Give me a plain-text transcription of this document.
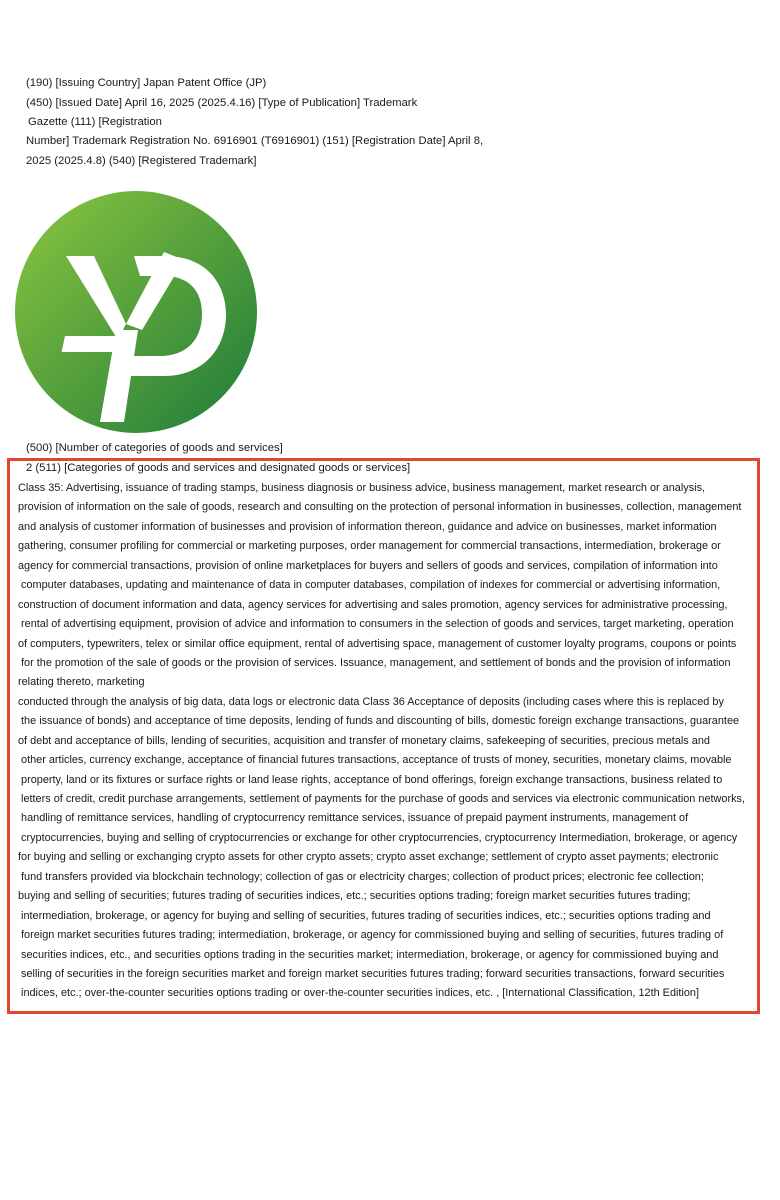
(190) [Issuing Country] Japan Patent Office (JP)
(450) [Issued Date] April 16, 2025 (2025.4.16) [Type of Publication] Trademark
Gazette (111) [Registration
Number] Trademark Registration No. 6916901 (T6916901) (151) [Registration Date] April 8,
2025 (2025.4.8) (540) [Registered Trademark]
(500) [Number of categories of goods and services]
2 (511) [Categories of goods and services and designated goods or services]
Class 35: Advertising, issuance of trading stamps, business diagnosis or business advice, business management, market research or analysis,
provision of information on the sale of goods, research and consulting on the protection of personal information in businesses, collection, management
and analysis of customer information of businesses and provision of information thereon, guidance and advice on businesses, market information
gathering, consumer profiling for commercial or marketing purposes, order management for commercial transactions, intermediation, brokerage or
agency for commercial transactions, provision of online marketplaces for buyers and sellers of goods and services, compilation of information into
computer databases, updating and maintenance of data in computer databases, compilation of indexes for commercial or advertising information,
construction of document information and data, agency services for advertising and sales promotion, agency services for administrative processing,
rental of advertising equipment, provision of advice and information to consumers in the selection of goods and services, target marketing, operation
of computers, typewriters, telex or similar office equipment, rental of advertising space, management of customer loyalty programs, coupons or points
for the promotion of the sale of goods or the provision of services. Issuance, management, and settlement of bonds and the provision of information
relating thereto, marketing
conducted through the analysis of big data, data logs or electronic data Class 36 Acceptance of deposits (including cases where this is replaced by
the issuance of bonds) and acceptance of time deposits, lending of funds and discounting of bills, domestic foreign exchange transactions, guarantee
of debt and acceptance of bills, lending of securities, acquisition and transfer of monetary claims, safekeeping of securities, precious metals and
other articles, currency exchange, acceptance of financial futures transactions, acceptance of trusts of money, securities, monetary claims, movable
property, land or its fixtures or surface rights or land lease rights, acceptance of bond offerings, foreign exchange transactions, business related to
letters of credit, credit purchase arrangements, settlement of payments for the purchase of goods and services via electronic communication networks,
handling of remittance services, handling of cryptocurrency remittance services, issuance of prepaid payment instruments, management of
cryptocurrencies, buying and selling of cryptocurrencies or exchange for other cryptocurrencies, cryptocurrency Intermediation, brokerage, or agency
for buying and selling or exchanging crypto assets for other crypto assets; crypto asset exchange; settlement of crypto asset payments; electronic
fund transfers provided via blockchain technology; collection of gas or electricity charges; collection of product prices; electronic fee collection;
buying and selling of securities; futures trading of securities indices, etc.; securities options trading; foreign market securities futures trading;
intermediation, brokerage, or agency for buying and selling of securities, futures trading of securities indices, etc.; securities options trading and
foreign market securities futures trading; intermediation, brokerage, or agency for commissioned buying and selling of securities, futures trading of
securities indices, etc., and securities options trading in the securities market; intermediation, brokerage, or agency for commissioned buying and
selling of securities in the foreign securities market and foreign market securities futures trading; forward securities transactions, forward securities
indices, etc.; over-the-counter securities options trading or over-the-counter securities indices, etc. , [International Classification, 12th Edition]
